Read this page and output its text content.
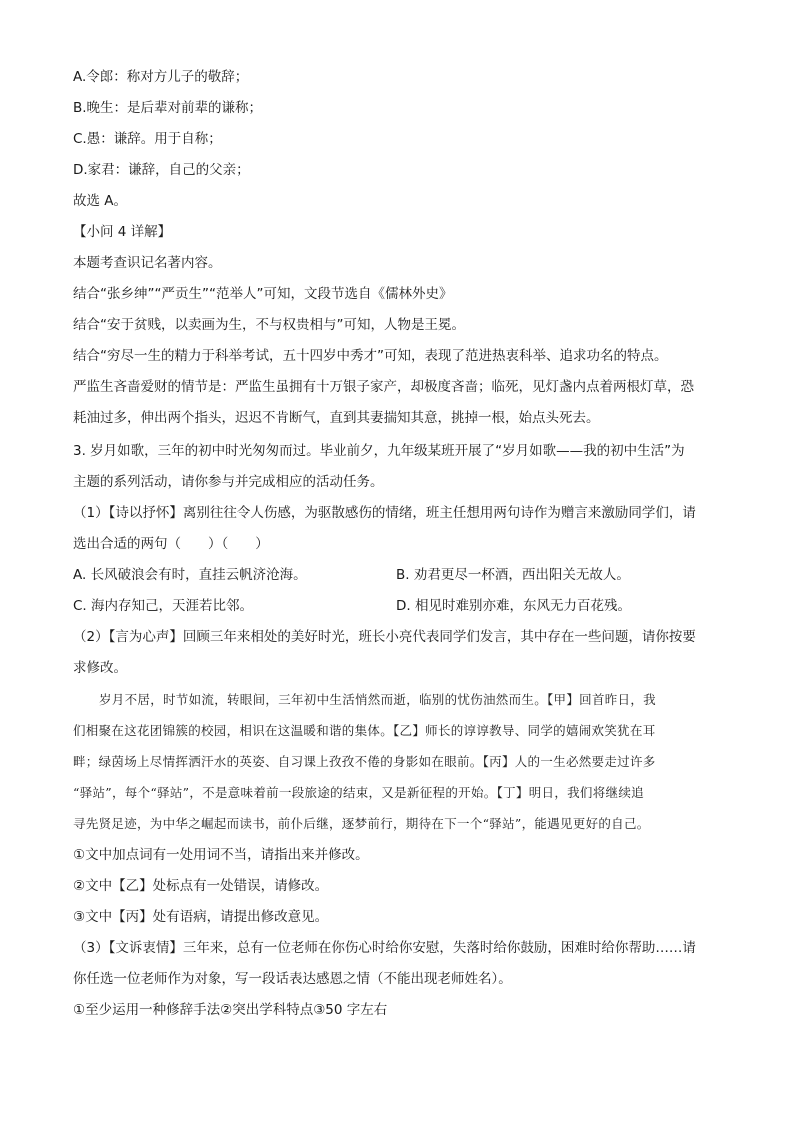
A.令郎：称对方儿子的敬辞；
B.晚生：是后辈对前辈的谦称；
C.愚：谦辞。用于自称；
D.家君：谦辞，自己的父亲；
故选 A。
【小问 4 详解】
本题考查识记名著内容。
结合“张乡绅”“严贡生”“范举人”可知，文段节选自《儒林外史》
结合“安于贫贱，以卖画为生，不与权贵相与”可知，人物是王冕。
结合“穷尽一生的精力于科举考试，五十四岁中秀才”可知，表现了范进热衷科举、追求功名的特点。
严监生吝啬爱财的情节是：严监生虽拥有十万银子家产，却极度吝啬；临死，见灯盏内点着两根灯草，恐
耗油过多，伸出两个指头，迟迟不肯断气，直到其妻揣知其意，挑掉一根，始点头死去。
3. 岁月如歌，三年的初中时光匆匆而过。毕业前夕，九年级某班开展了“岁月如歌——我的初中生活”为
主题的系列活动，请你参与并完成相应的活动任务。
（1）【诗以抒怀】离别往往令人伤感，为驱散感伤的情绪，班主任想用两句诗作为赠言来激励同学们，请
选出合适的两句（　　）（　　）
A. 长风破浪会有时，直挂云帆济沧海。	B. 劝君更尽一杯酒，西出阳关无故人。
C. 海内存知己，天涯若比邻。	D. 相见时难别亦难，东风无力百花残。
（2）【言为心声】回顾三年来相处的美好时光，班长小亮代表同学们发言，其中存在一些问题，请你按要
求修改。
岁月不居，时节如流，转眼间，三年初中生活悄然而逝，临别的忧伤油然而生。【甲】回首昨日，我
们相聚在这花团锦簇的校园，相识在这温暖和谐的集体。【乙】师长的谆谆教导、同学的嬉闹欢笑犹在耳
畔；绿茵场上尽情挥洒汗水的英姿、自习课上孜孜不倦的身影如在眼前。【丙】人的一生必然要走过许多
“驿站”，每个“驿站”，不是意味着前一段旅途的结束，又是新征程的开始。【丁】明日，我们将继续追
寻先贤足迹，为中华之崛起而读书，前仆后继，逐梦前行，期待在下一个“驿站”，能遇见更好的自己。
①文中加点词有一处用词不当，请指出来并修改。
②文中【乙】处标点有一处错误，请修改。
③文中【丙】处有语病，请提出修改意见。
（3）【文诉衷情】三年来，总有一位老师在你伤心时给你安慰，失落时给你鼓励，困难时给你帮助……请
你任选一位老师作为对象，写一段话表达感恩之情（不能出现老师姓名）。
①至少运用一种修辞手法②突出学科特点③50 字左右
